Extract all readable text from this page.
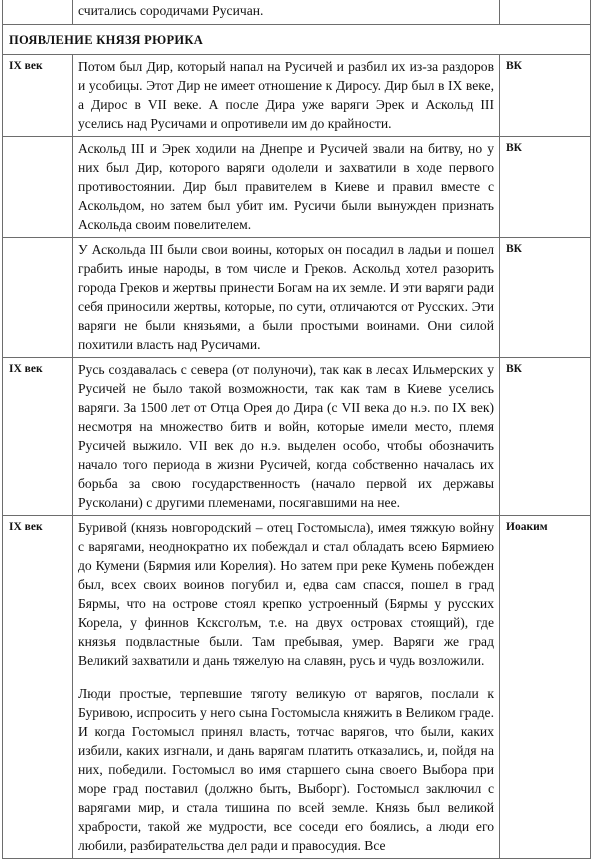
	считались сородичами Русичан.	

ПОЯВЛЕНИЕ КНЯЗЯ РЮРИКА		

IX век	Потом был Дир, который напал на Русичей и разбил их из-за раздоров и усобицы. Этот Дир не имеет отношение к Диросу. Дир был в IX веке, а Дирос в VII веке. А после Дира уже варяги Эрек и Аскольд III уселись над Русичами и опротивели им до крайности.	ВК

	Аскольд III и Эрек ходили на Днепре и Русичей звали на битву, но у них был Дир, которого варяги одолели и захватили в ходе первого противостоянии. Дир был правителем в Киеве и правил вместе с Аскольдом, но затем был убит им. Русичи были вынужден признать Аскольда своим повелителем.	ВК

	У Аскольда III были свои воины, которых он посадил в ладьи и пошел грабить иные народы, в том числе и Греков. Аскольд хотел разорить города Греков и жертвы принести Богам на их земле. И эти варяги ради себя приносили жертвы, которые, по сути, отличаются от Русских. Эти варяги не были князьями, а были простыми воинами. Они силой похитили власть над Русичами.	ВК

IX век	Русь создавалась с севера (от полуночи), так как в лесах Ильмерских у Русичей не было такой возможности, так как там в Киеве уселись варяги. За 1500 лет от Отца Орея до Дира (с VII века до н.э. по IX век) несмотря на множество битв и войн, которые имели место, племя Русичей выжило. VII век до н.э. выделен особо, чтобы обозначить начало того периода в жизни Русичей, когда собственно началась их борьба за свою государственность (начало первой их державы Русколани) с другими племенами, посягавшими на нее.	ВК

IX век	Буривой (князь новгородский – отец Гостомысла), имея тяжкую войну с варягами, неоднократно их побеждал и стал обладать всею Бярмиею до Кумени (Бярмия или Корелия). Но затем при реке Кумень побежден был, всех своих воинов погубил и, едва сам спасся, пошел в град Бярмы, что на острове стоял крепко устроенный (Бярмы у русских Корела, у финнов Ксксголъм, т.е. на двух островах стоящий), где князья подвластные были. Там пребывая, умер. Варяги же град Великий захватили и дань тяжелую на славян, русь и чудь возложили.

Люди простые, терпевшие тяготу великую от варягов, послали к Буривою, испросить у него сына Гостомысла княжить в Великом граде. И когда Гостомысл принял власть, тотчас варягов, что были, каких избили, каких изгнали, и дань варягам платить отказались, и, пойдя на них, победили. Гостомысл во имя старшего сына своего Выбора при море град поставил (должно быть, Выборг). Гостомысл заключил с варягами мир, и стала тишина по всей земле. Князь был великой храбрости, такой же мудрости, все соседи его боялись, а люди его любили, разбирательства дел ради и правосудия. Все	Иоаким
